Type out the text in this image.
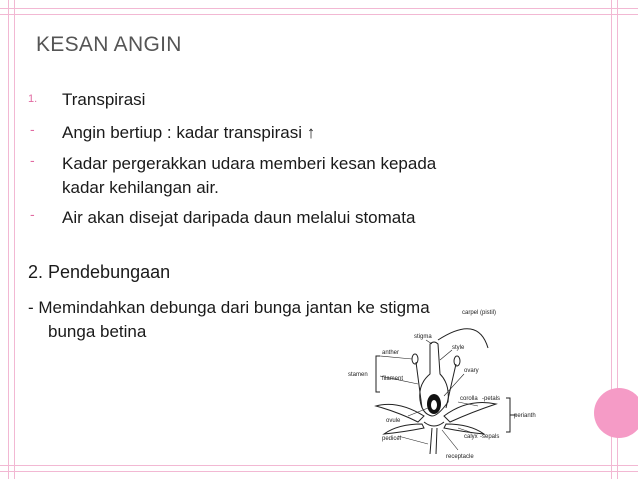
KESAN ANGIN
1. Transpirasi
- Angin bertiup : kadar transpirasi ↑
- Kadar pergerakkan udara memberi kesan kepada
kadar kehilangan air.
- Air akan disejat daripada daun melalui stomata
2. Pendebungaan
- Memindahkan debunga dari bunga jantan ke stigma
bunga betina
carpel (pistil)
stigma
style
anther
stamen
filament
ovary
corolla -petals
perianth
ovule
calyx -sepals
pedicel
receptacle
